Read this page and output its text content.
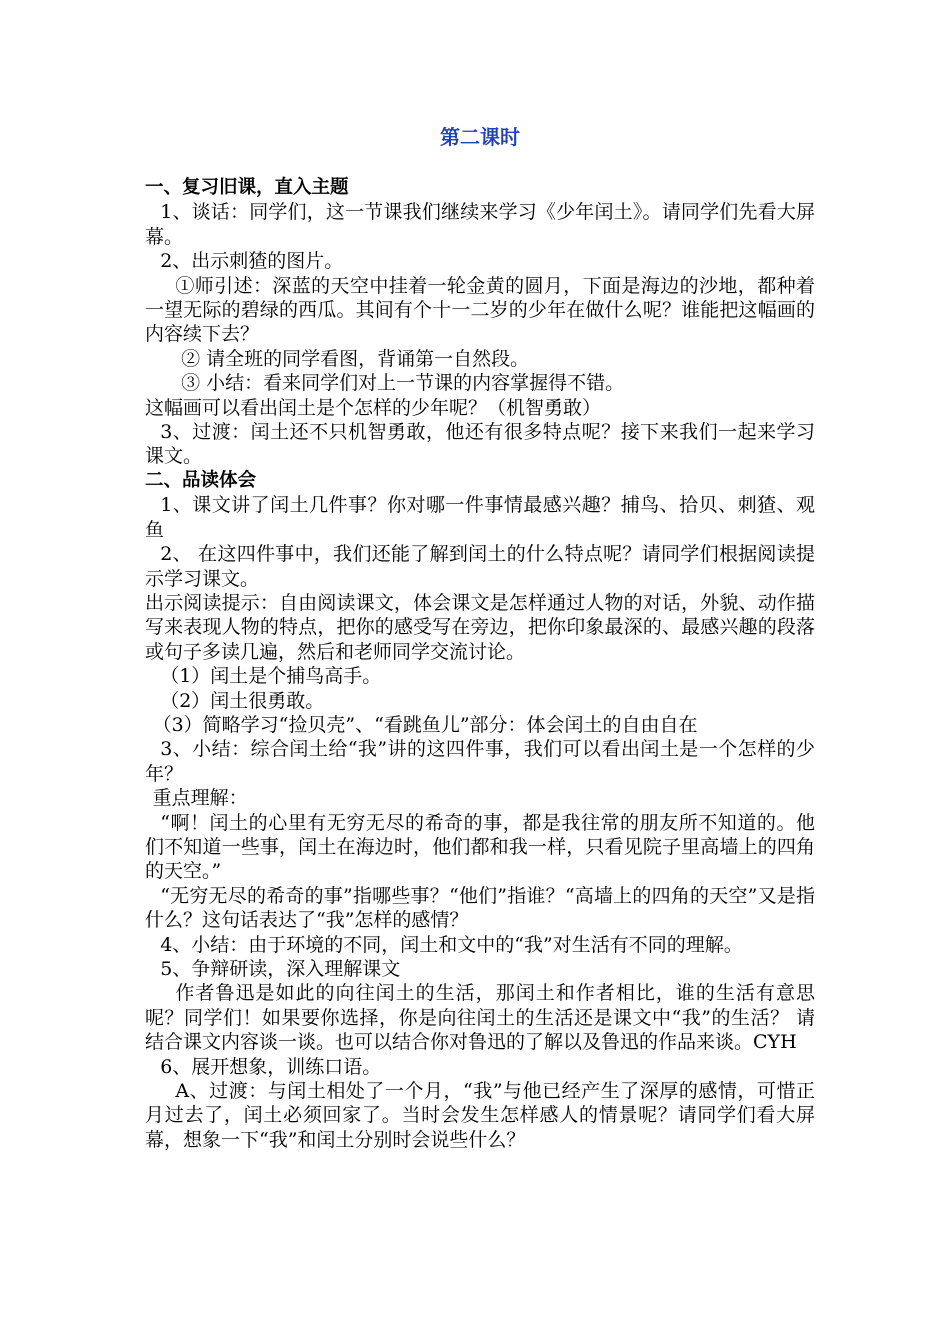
第二课时

一、复习旧课，直入主题

1、谈话：同学们，这一节课我们继续来学习《少年闰土》。请同学们先看大屏幕。

2、出示刺猹的图片。

①师引述：深蓝的天空中挂着一轮金黄的圆月，下面是海边的沙地，都种着一望无际的碧绿的西瓜。其间有个十一二岁的少年在做什么呢？谁能把这幅画的内容续下去？

② 请全班的同学看图，背诵第一自然段。

③ 小结：看来同学们对上一节课的内容掌握得不错。

这幅画可以看出闰土是个怎样的少年呢？（机智勇敢）

3、过渡：闰土还不只机智勇敢，他还有很多特点呢？接下来我们一起来学习课文。

二、品读体会

1、课文讲了闰土几件事？你对哪一件事情最感兴趣？捕鸟、拾贝、刺猹、观鱼

2、 在这四件事中，我们还能了解到闰土的什么特点呢？请同学们根据阅读提示学习课文。

出示阅读提示：自由阅读课文，体会课文是怎样通过人物的对话，外貌、动作描写来表现人物的特点，把你的感受写在旁边，把你印象最深的、最感兴趣的段落或句子多读几遍，然后和老师同学交流讨论。

（1）闰土是个捕鸟高手。

（2）闰土很勇敢。

（3）简略学习“捡贝壳”、“看跳鱼儿”部分：体会闰土的自由自在

3、小结：综合闰土给“我”讲的这四件事，我们可以看出闰土是一个怎样的少年？

重点理解：

“啊！闰土的心里有无穷无尽的希奇的事，都是我往常的朋友所不知道的。他们不知道一些事，闰土在海边时，他们都和我一样，只看见院子里高墙上的四角的天空。”

“无穷无尽的希奇的事”指哪些事？“他们”指谁？“高墙上的四角的天空”又是指什么？这句话表达了“我”怎样的感情？

4、小结：由于环境的不同，闰土和文中的“我”对生活有不同的理解。

5、争辩研读，深入理解课文

作者鲁迅是如此的向往闰土的生活，那闰土和作者相比，谁的生活有意思呢？同学们！如果要你选择，你是向往闰土的生活还是课文中“我”的生活？ 请结合课文内容谈一谈。也可以结合你对鲁迅的了解以及鲁迅的作品来谈。CYH

6、展开想象，训练口语。

A、过渡：与闰土相处了一个月，“我”与他已经产生了深厚的感情，可惜正月过去了，闰土必须回家了。当时会发生怎样感人的情景呢？请同学们看大屏幕，想象一下“我”和闰土分别时会说些什么？
